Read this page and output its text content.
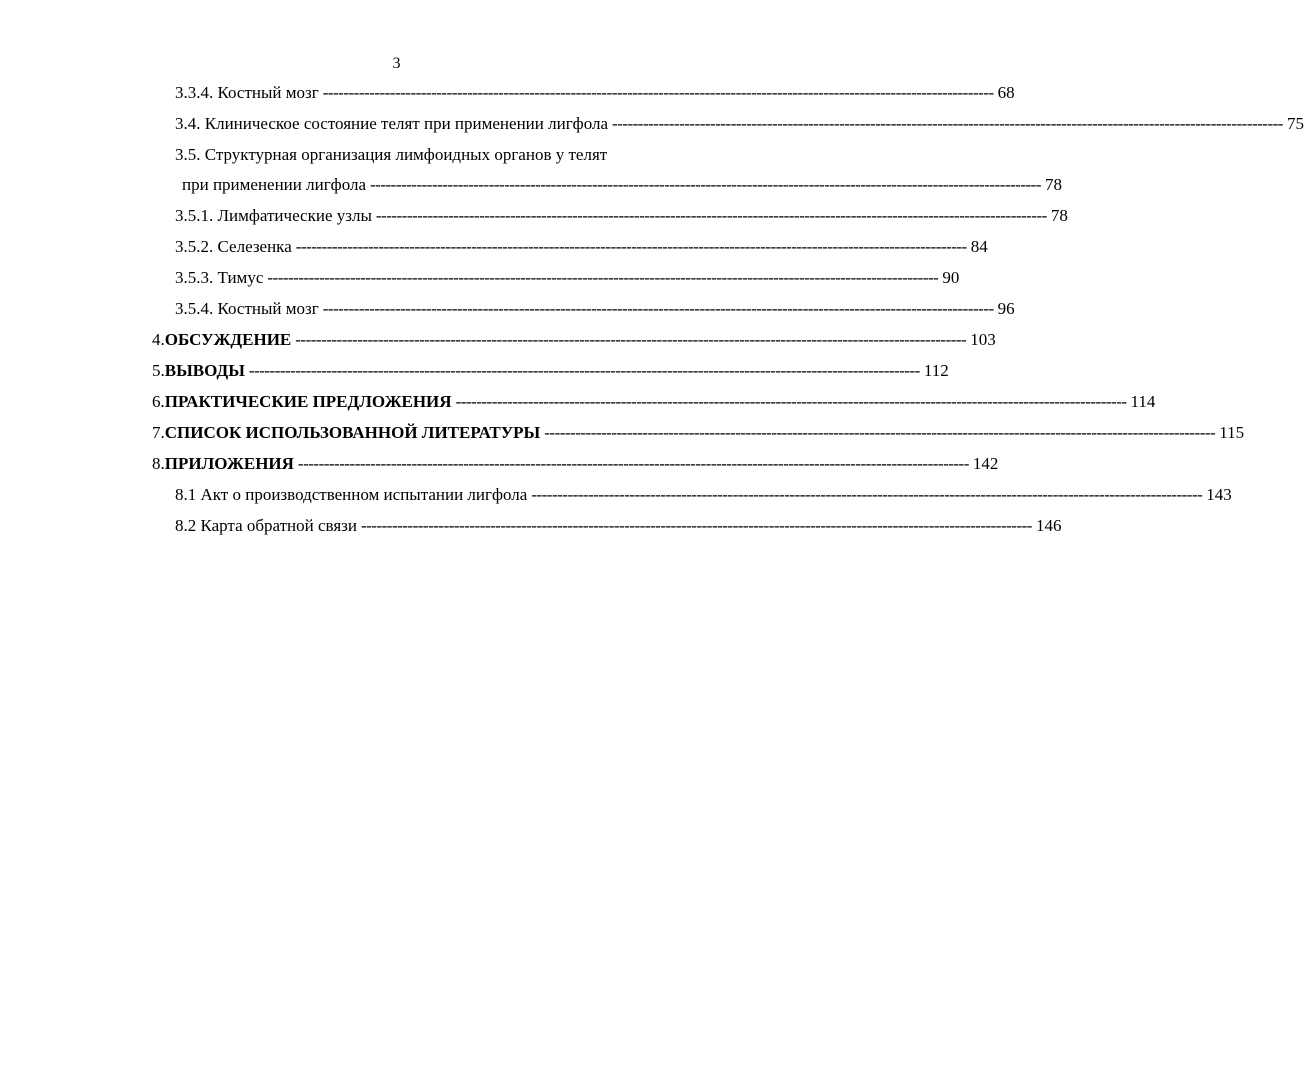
3
3.3.4. Костный мозг ---------------------------------------------------------------------------------------------------------------------------------- 68
3.4. Клиническое состояние телят при применении лигфола ---------------------------------------------------------------------------------------------------------------------------------- 75
3.5. Структурная организация лимфоидных органов у телят
при применении лигфола ---------------------------------------------------------------------------------------------------------------------------------- 78
3.5.1. Лимфатические узлы ---------------------------------------------------------------------------------------------------------------------------------- 78
3.5.2. Селезенка ---------------------------------------------------------------------------------------------------------------------------------- 84
3.5.3. Тимус ---------------------------------------------------------------------------------------------------------------------------------- 90
3.5.4. Костный мозг ---------------------------------------------------------------------------------------------------------------------------------- 96
4. ОБСУЖДЕНИЕ ---------------------------------------------------------------------------------------------------------------------------------- 103
5. ВЫВОДЫ ---------------------------------------------------------------------------------------------------------------------------------- 112
6. ПРАКТИЧЕСКИЕ ПРЕДЛОЖЕНИЯ ---------------------------------------------------------------------------------------------------------------------------------- 114
7. СПИСОК ИСПОЛЬЗОВАННОЙ ЛИТЕРАТУРЫ ---------------------------------------------------------------------------------------------------------------------------------- 115
8. ПРИЛОЖЕНИЯ ---------------------------------------------------------------------------------------------------------------------------------- 142
8.1 Акт о производственном испытании лигфола ---------------------------------------------------------------------------------------------------------------------------------- 143
8.2 Карта обратной связи ---------------------------------------------------------------------------------------------------------------------------------- 146
